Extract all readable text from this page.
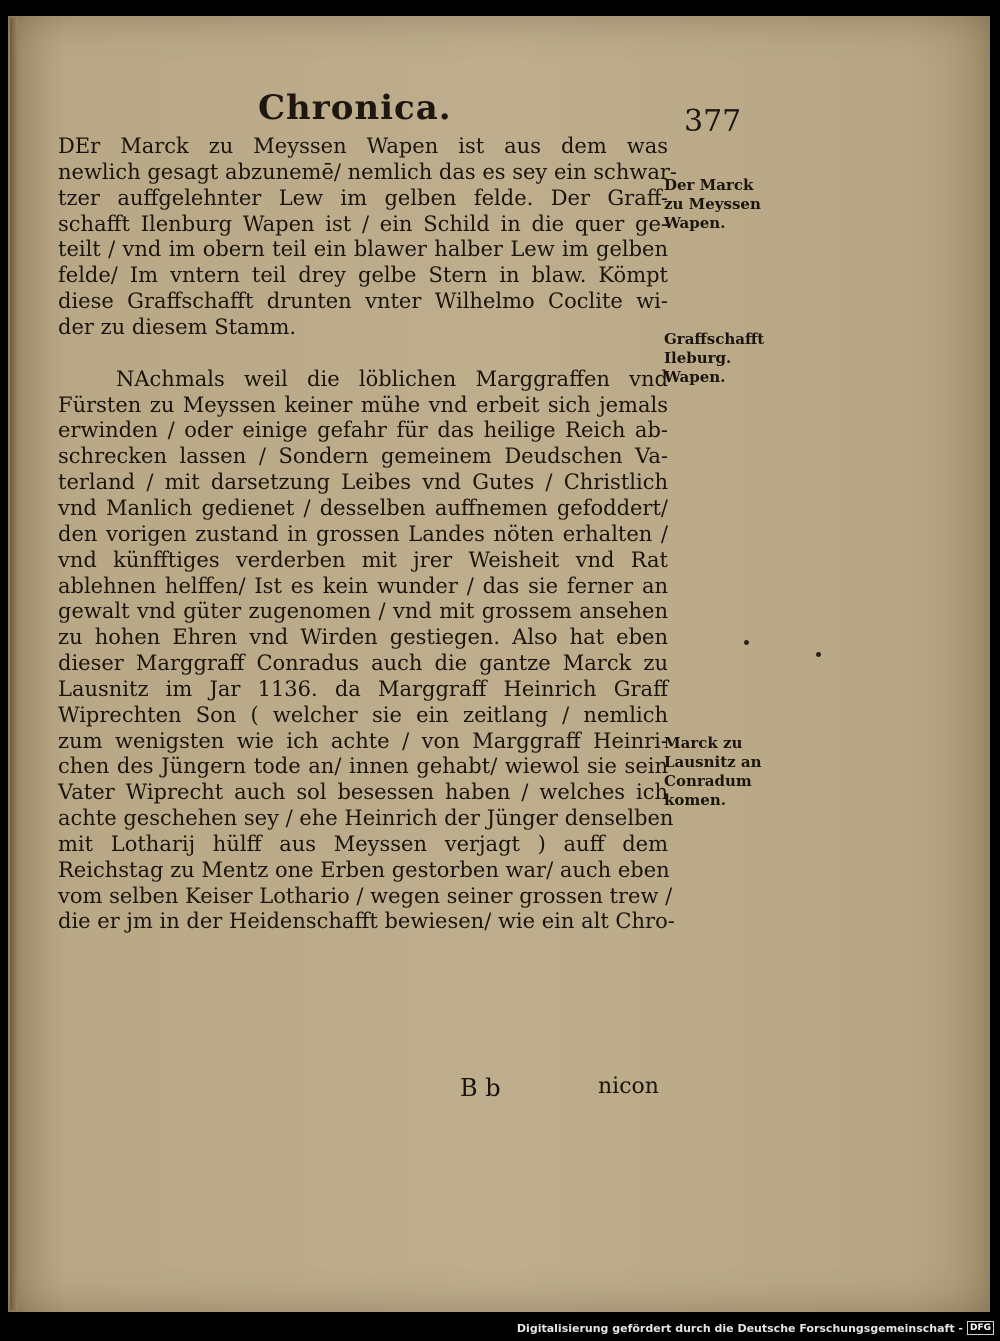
Chronica.	377
DEr Marck zu Meyssen Wapen ist aus dem was
newlich gesagt abzunemē/ nemlich das es sey ein schwar-
tzer auffgelehnter Lew im gelben felde. Der Graff-
schafft Ilenburg Wapen ist / ein Schild in die quer ge-
teilt / vnd im obern teil ein blawer halber Lew im gelben
felde/ Im vntern teil drey gelbe Stern in blaw. Kömpt
diese Graffschafft drunten vnter Wilhelmo Coclite wi-
der zu diesem Stamm.
NAchmals weil die löblichen Marggraffen vnd
Fürsten zu Meyssen keiner mühe vnd erbeit sich jemals
erwinden / oder einige gefahr für das heilige Reich ab-
schrecken lassen / Sondern gemeinem Deudschen Va-
terland / mit darsetzung Leibes vnd Gutes / Christlich
vnd Manlich gedienet / desselben auffnemen gefoddert/
den vorigen zustand in grossen Landes nöten erhalten /
vnd künfftiges verderben mit jrer Weisheit vnd Rat
ablehnen helffen/ Ist es kein wunder / das sie ferner an
gewalt vnd güter zugenomen / vnd mit grossem ansehen
zu hohen Ehren vnd Wirden gestiegen. Also hat eben
dieser Marggraff Conradus auch die gantze Marck zu
Lausnitz im Jar 1136. da Marggraff Heinrich Graff
Wiprechten Son ( welcher sie ein zeitlang / nemlich
zum wenigsten wie ich achte / von Marggraff Heinri-
chen des Jüngern tode an/ innen gehabt/ wiewol sie sein
Vater Wiprecht auch sol besessen haben / welches ich
achte geschehen sey / ehe Heinrich der Jünger denselben
mit Lotharij hülff aus Meyssen verjagt ) auff dem
Reichstag zu Mentz one Erben gestorben war/ auch eben
vom selben Keiser Lothario / wegen seiner grossen trew /
die er jm in der Heidenschafft bewiesen/ wie ein alt Chro-
Der Marck
zu Meyssen
Wapen.
Graffschafft
Ileburg.
Wapen.
Marck zu
Lausnitz an
Conradum
komen.
B b	nicon
Digitalisierung gefördert durch die Deutsche Forschungsgemeinschaft - DFG
